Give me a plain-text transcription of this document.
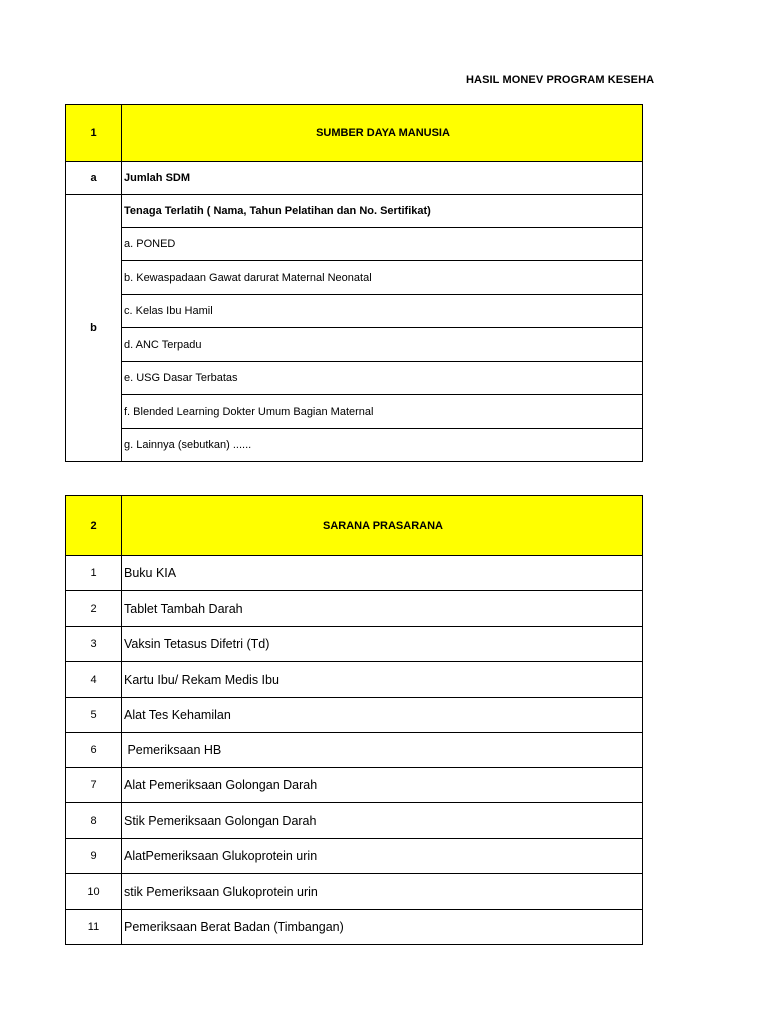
HASIL MONEV PROGRAM KESEHA
1	SUMBER DAYA MANUSIA
a	Jumlah SDM
b	Tenaga Terlatih ( Nama, Tahun Pelatihan dan No. Sertifikat)
	a. PONED
	b. Kewaspadaan Gawat darurat Maternal Neonatal
	c. Kelas Ibu Hamil
	d. ANC Terpadu
	e. USG Dasar Terbatas
	f. Blended Learning Dokter Umum Bagian Maternal
	g. Lainnya (sebutkan) ......
2	SARANA PRASARANA
1	Buku KIA
2	Tablet Tambah Darah
3	Vaksin Tetasus Difetri (Td)
4	Kartu Ibu/ Rekam Medis Ibu
5	Alat Tes Kehamilan
6	Pemeriksaan HB
7	Alat Pemeriksaan Golongan Darah
8	Stik Pemeriksaan Golongan Darah
9	AlatPemeriksaan Glukoprotein urin
10	stik Pemeriksaan Glukoprotein urin
11	Pemeriksaan Berat Badan (Timbangan)
